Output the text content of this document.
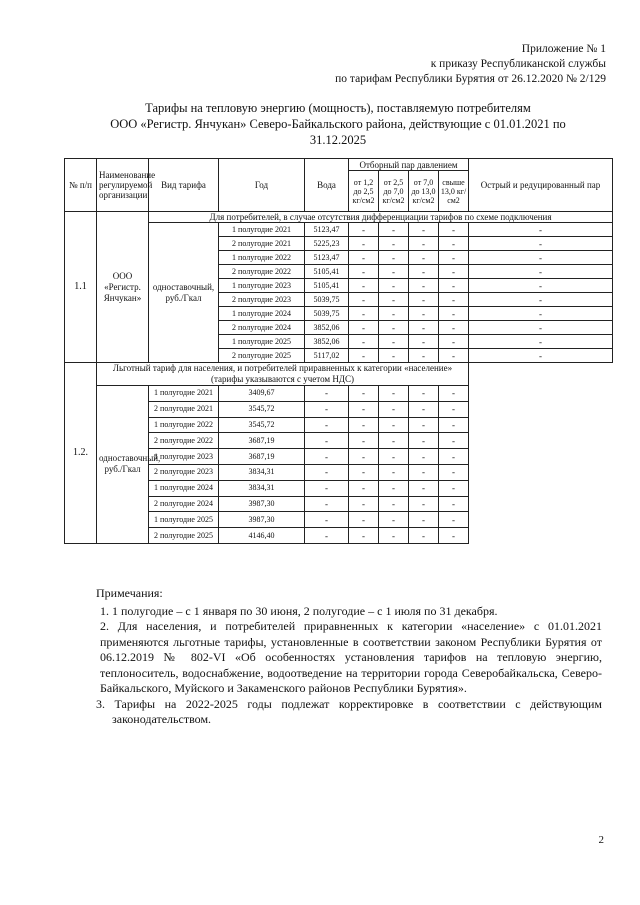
Приложение № 1
к приказу Республиканской службы
по тарифам Республики Бурятия от 26.12.2020 № 2/129
Тарифы на тепловую энергию (мощность), поставляемую потребителям
ООО «Регистр. Янчукан» Северо-Байкальского района, действующие с 01.01.2021 по
31.12.2025
№ п/п	Наименование регулируемой организации	Вид тарифа	Год	Вода	Отборный пар давлением				Острый и редуцированный пар
					от 1,2 до 2,5 кг/см2	от 2,5 до 7,0 кг/см2	от 7,0 до 13,0 кг/см2	свыше 13,0 кг/см2	
1.1	ООО «Регистр. Янчукан»	Для потребителей, в случае отсутствия дифференциации тарифов по схеме подключения							
		одноставочный, руб./Гкал	1 полугодие 2021	5123,47	-	-	-	-	-
			2 полугодие 2021	5225,23	-	-	-	-	-
			1 полугодие 2022	5123,47	-	-	-	-	-
			2 полугодие 2022	5105,41	-	-	-	-	-
			1 полугодие 2023	5105,41	-	-	-	-	-
			2 полугодие 2023	5039,75	-	-	-	-	-
			1 полугодие 2024	5039,75	-	-	-	-	-
			2 полугодие 2024	3852,06	-	-	-	-	-
			1 полугодие 2025	3852,06	-	-	-	-	-
			2 полугодие 2025	5117,02	-	-	-	-	-
1.2.	Льготный тариф для населения, и потребителей приравненных к категории «население» (тарифы указываются с учетом НДС)								
	одноставочный, руб./Гкал	1 полугодие 2021	3409,67	-	-	-	-	-	
		2 полугодие 2021	3545,72	-	-	-	-	-	
		1 полугодие 2022	3545,72	-	-	-	-	-	
		2 полугодие 2022	3687,19	-	-	-	-	-	
		1 полугодие 2023	3687,19	-	-	-	-	-	
		2 полугодие 2023	3834,31	-	-	-	-	-	
		1 полугодие 2024	3834,31	-	-	-	-	-	
		2 полугодие 2024	3987,30	-	-	-	-	-	
		1 полугодие 2025	3987,30	-	-	-	-	-	
		2 полугодие 2025	4146,40	-	-	-	-	-	
Примечания:
1. 1 полугодие – с 1 января по 30 июня, 2 полугодие – с 1 июля по 31 декабря.
2. Для населения, и потребителей приравненных к категории «население» с 01.01.2021 применяются льготные тарифы, установленные в соответствии законом Республики Бурятия от 06.12.2019 № 802-VI «Об особенностях установления тарифов на тепловую энергию, теплоноситель, водоснабжение, водоотведение на территории города Северобайкальска, Северо-Байкальского, Муйского и Закаменского районов Республики Бурятия».
3. Тарифы на 2022-2025 годы подлежат корректировке в соответствии с действующим законодательством.
2
